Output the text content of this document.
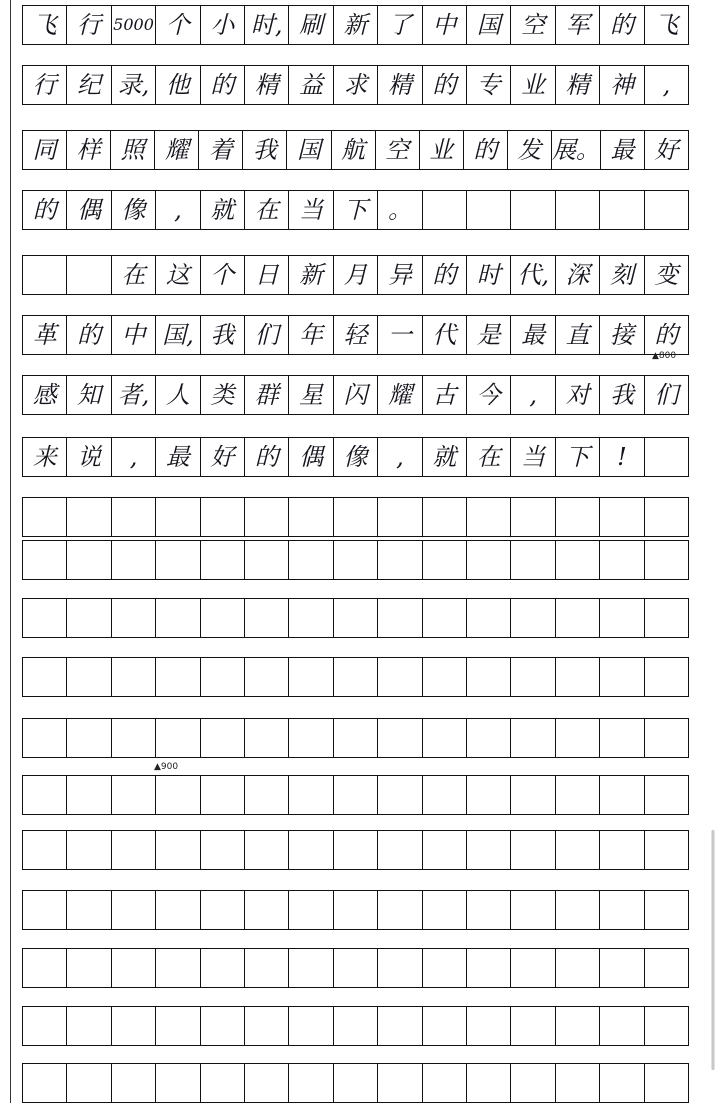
飞 行 5000 个 小 时, 刷 新 了 中 国 空 军 的 飞
行 纪 录, 他 的 精 益 求 精 的 专 业 精 神	,
同 样 照 耀 着 我 国 航 空 业 的 发 展。 最 好
的 偶 像	,	就 在 当 下 。
在 这 个 日 新 月 异 的 时 代, 深 刻 变
革 的 中 国, 我 们 年 轻 一 代 是 最 直 接 的
感 知 者, 人 类 群 星 闪 耀 古 今	,	对 我 们
来 说	,	最 好 的 偶 像	,	就 在 当 下	!
▲800
▲900
